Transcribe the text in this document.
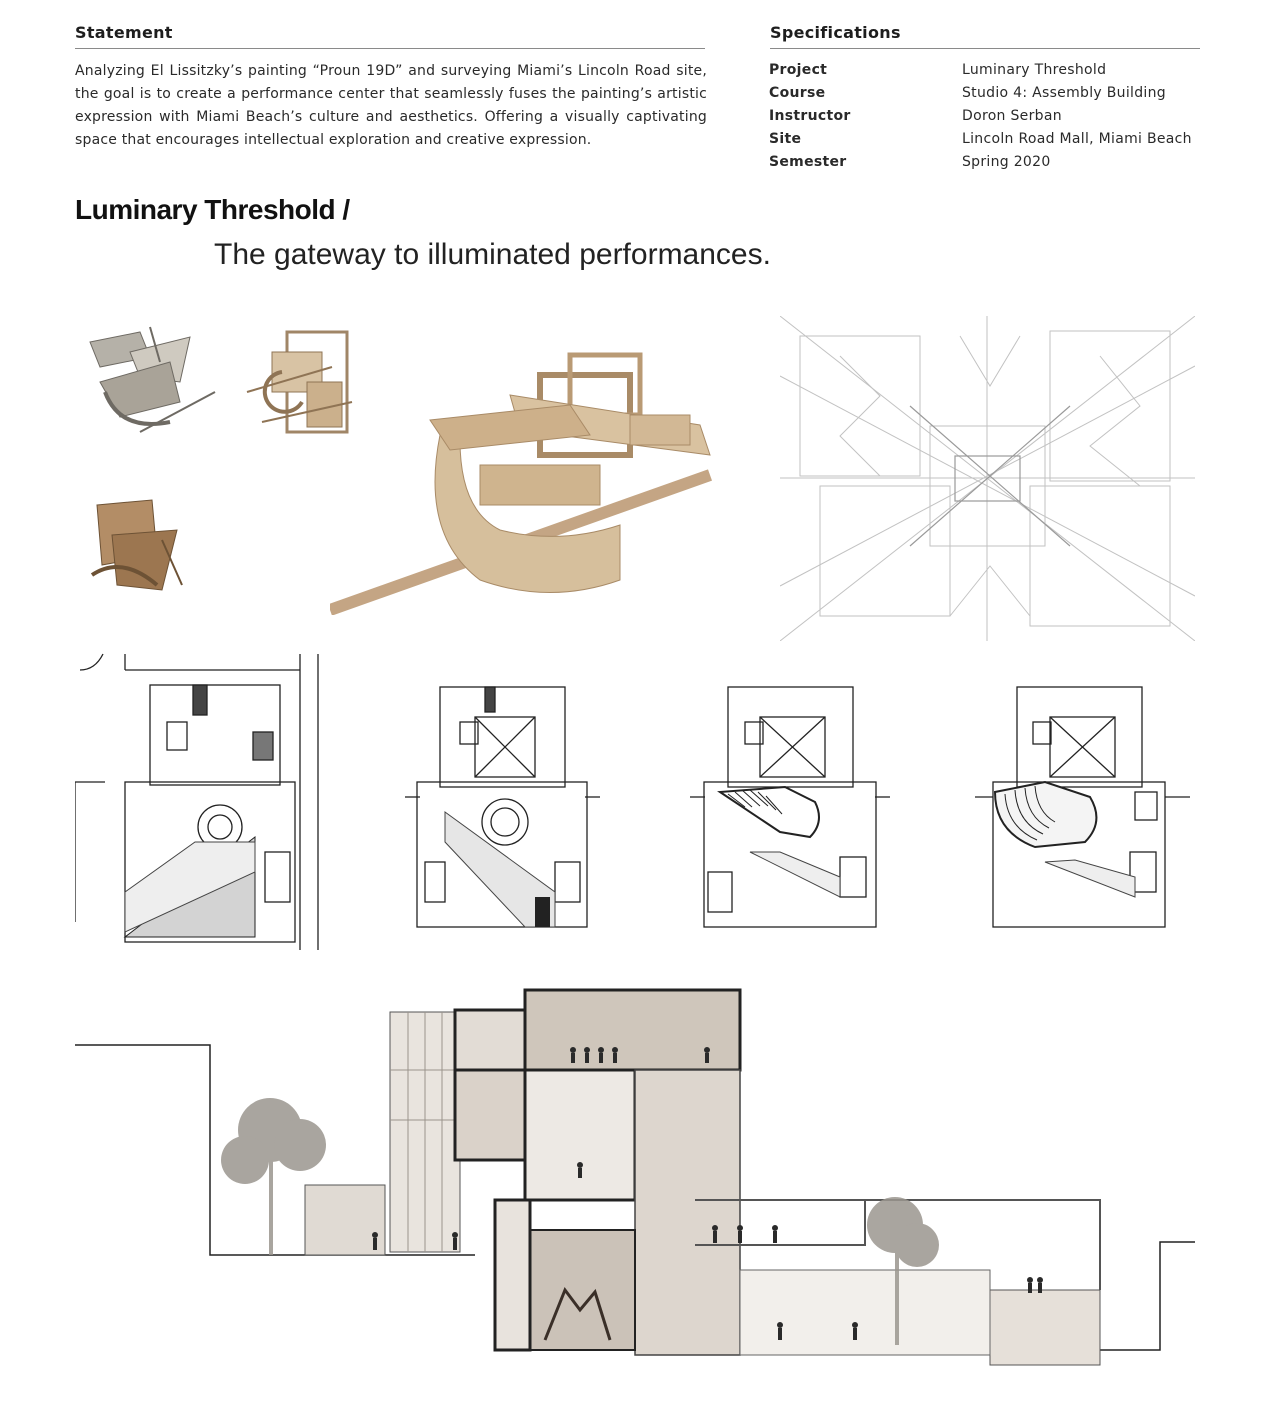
Statement
Analyzing El Lissitzky’s painting “Proun 19D” and surveying Miami’s Lincoln Road site, the goal is to create a performance center that seamlessly fuses the painting’s artistic expression with Miami Beach’s culture and aesthetics. Offering a visually captivating space that encourages intellectual exploration and creative expression.
Specifications
Project	Luminary Threshold
Course	Studio 4: Assembly Building
Instructor	Doron Serban
Site	Lincoln Road Mall, Miami Beach
Semester	Spring 2020
Luminary Threshold /
The gateway to illuminated performances.
